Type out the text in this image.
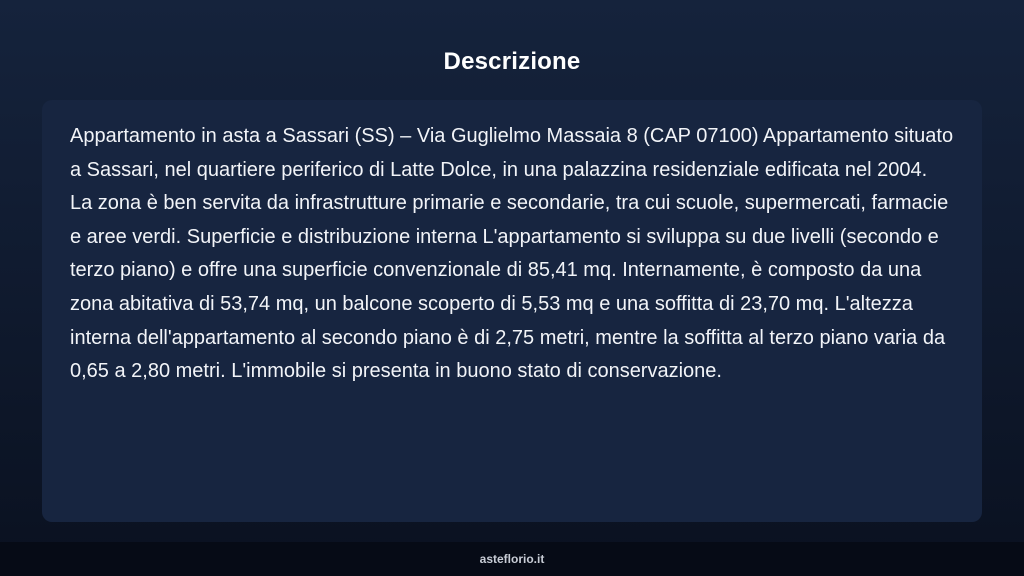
Descrizione

Appartamento in asta a Sassari (SS) – Via Guglielmo Massaia 8 (CAP 07100) Appartamento situato a Sassari, nel quartiere periferico di Latte Dolce, in una palazzina residenziale edificata nel 2004. La zona è ben servita da infrastrutture primarie e secondarie, tra cui scuole, supermercati, farmacie e aree verdi. Superficie e distribuzione interna L'appartamento si sviluppa su due livelli (secondo e terzo piano) e offre una superficie convenzionale di 85,41 mq. Internamente, è composto da una zona abitativa di 53,74 mq, un balcone scoperto di 5,53 mq e una soffitta di 23,70 mq. L'altezza interna dell'appartamento al secondo piano è di 2,75 metri, mentre la soffitta al terzo piano varia da 0,65 a 2,80 metri. L'immobile si presenta in buono stato di conservazione.

asteflorio.it
